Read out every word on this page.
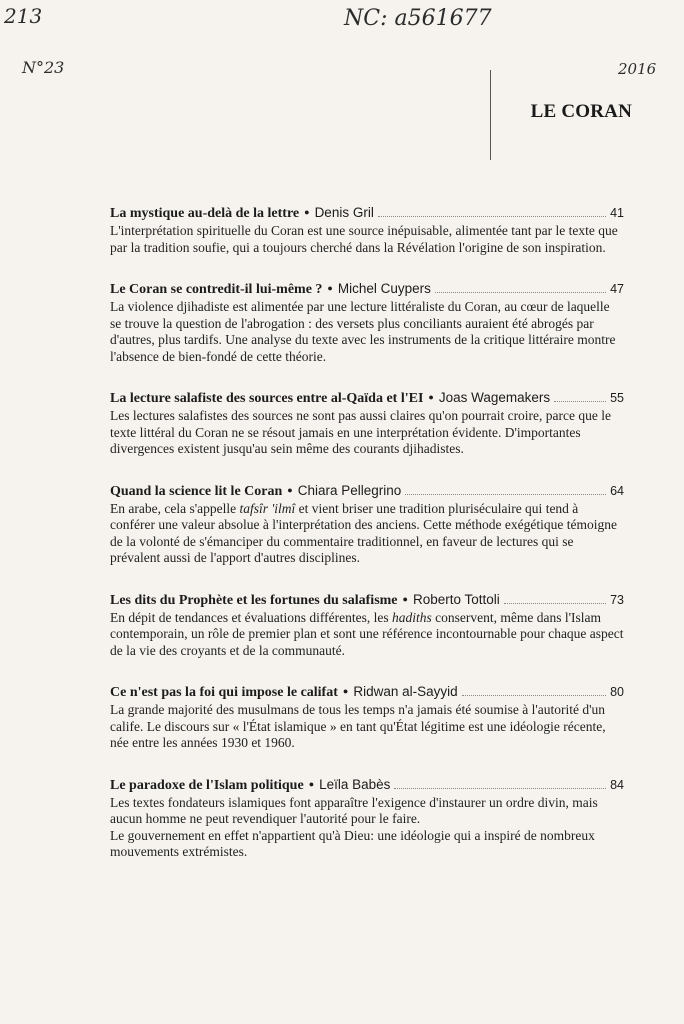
213	NC: a561677
N°23	2016
LE CORAN
La mystique au-delà de la lettre ● Denis Gril	41

L'interprétation spirituelle du Coran est une source inépuisable, alimentée tant par le texte que par la tradition soufie, qui a toujours cherché dans la Révélation l'origine de son inspiration.

Le Coran se contredit-il lui-même ? ● Michel Cuypers	47

La violence djihadiste est alimentée par une lecture littéraliste du Coran, au cœur de laquelle se trouve la question de l'abrogation : des versets plus conciliants auraient été abrogés par d'autres, plus tardifs. Une analyse du texte avec les instruments de la critique littéraire montre l'absence de bien-fondé de cette théorie.

La lecture salafiste des sources entre al-Qaïda et l'EI ● Joas Wagemakers	55

Les lectures salafistes des sources ne sont pas aussi claires qu'on pourrait croire, parce que le texte littéral du Coran ne se résout jamais en une interprétation évidente. D'importantes divergences existent jusqu'au sein même des courants djihadistes.

Quand la science lit le Coran ● Chiara Pellegrino	64

En arabe, cela s'appelle tafsîr 'ilmî et vient briser une tradition pluriséculaire qui tend à conférer une valeur absolue à l'interprétation des anciens. Cette méthode exégétique témoigne de la volonté de s'émanciper du commentaire traditionnel, en faveur de lectures qui se prévalent aussi de l'apport d'autres disciplines.

Les dits du Prophète et les fortunes du salafisme ● Roberto Tottoli	73

En dépit de tendances et évaluations différentes, les hadiths conservent, même dans l'Islam contemporain, un rôle de premier plan et sont une référence incontournable pour chaque aspect de la vie des croyants et de la communauté.

Ce n'est pas la foi qui impose le califat ● Ridwan al-Sayyid	80

La grande majorité des musulmans de tous les temps n'a jamais été soumise à l'autorité d'un calife. Le discours sur « l'État islamique » en tant qu'État légitime est une idéologie récente, née entre les années 1930 et 1960.

Le paradoxe de l'Islam politique ● Leïla Babès	84

Les textes fondateurs islamiques font apparaître l'exigence d'instaurer un ordre divin, mais aucun homme ne peut revendiquer l'autorité pour le faire.

Le gouvernement en effet n'appartient qu'à Dieu: une idéologie qui a inspiré de nombreux mouvements extrémistes.
